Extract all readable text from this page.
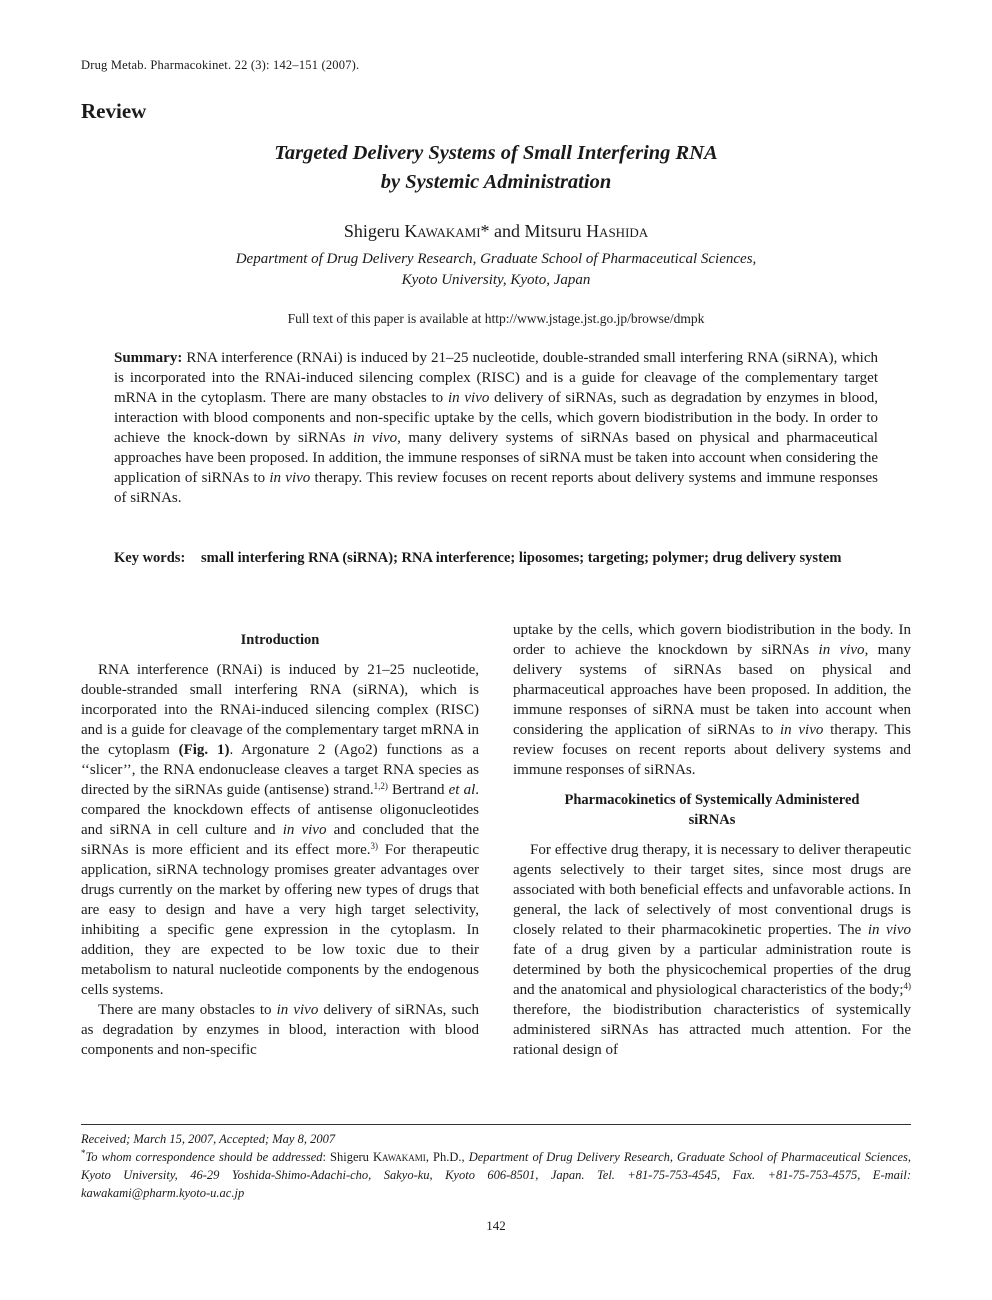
Drug Metab. Pharmacokinet. 22 (3): 142–151 (2007).
Review
Targeted Delivery Systems of Small Interfering RNA
by Systemic Administration
Shigeru Kawakami* and Mitsuru Hashida
Department of Drug Delivery Research, Graduate School of Pharmaceutical Sciences,
Kyoto University, Kyoto, Japan
Full text of this paper is available at http://www.jstage.jst.go.jp/browse/dmpk
Summary: RNA interference (RNAi) is induced by 21–25 nucleotide, double-stranded small interfering RNA (siRNA), which is incorporated into the RNAi-induced silencing complex (RISC) and is a guide for cleavage of the complementary target mRNA in the cytoplasm. There are many obstacles to in vivo delivery of siRNAs, such as degradation by enzymes in blood, interaction with blood components and non-specific uptake by the cells, which govern biodistribution in the body. In order to achieve the knock-down by siRNAs in vivo, many delivery systems of siRNAs based on physical and pharmaceutical approaches have been proposed. In addition, the immune responses of siRNA must be taken into account when considering the application of siRNAs to in vivo therapy. This review focuses on recent reports about delivery systems and immune responses of siRNAs.
Key words: small interfering RNA (siRNA); RNA interference; liposomes; targeting; polymer; drug delivery system
Introduction

RNA interference (RNAi) is induced by 21–25 nucleotide, double-stranded small interfering RNA (siRNA), which is incorporated into the RNAi-induced silencing complex (RISC) and is a guide for cleavage of the complementary target mRNA in the cytoplasm (Fig. 1). Argonature 2 (Ago2) functions as a ‘‘slicer’’, the RNA endonuclease cleaves a target RNA species as directed by the siRNAs guide (antisense) strand.$^{1,2)}$ Bertrand et al. compared the knockdown effects of antisense oligonucleotides and siRNA in cell culture and in vivo and concluded that the siRNAs is more efficient and its effect more.$^{3)}$ For therapeutic application, siRNA technology promises greater advantages over drugs currently on the market by offering new types of drugs that are easy to design and have a very high target selectivity, inhibiting a specific gene expression in the cytoplasm. In addition, they are expected to be low toxic due to their metabolism to natural nucleotide components by the endogenous cells systems.

There are many obstacles to in vivo delivery of siRNAs, such as degradation by enzymes in blood, interaction with blood components and non-specific

uptake by the cells, which govern biodistribution in the body. In order to achieve the knockdown by siRNAs in vivo, many delivery systems of siRNAs based on physical and pharmaceutical approaches have been proposed. In addition, the immune responses of siRNA must be taken into account when considering the application of siRNAs to in vivo therapy. This review focuses on recent reports about delivery systems and immune responses of siRNAs.

Pharmacokinetics of Systemically Administered
siRNAs

For effective drug therapy, it is necessary to deliver therapeutic agents selectively to their target sites, since most drugs are associated with both beneficial effects and unfavorable actions. In general, the lack of selectively of most conventional drugs is closely related to their pharmacokinetic properties. The in vivo fate of a drug given by a particular administration route is determined by both the physicochemical properties of the drug and the anatomical and physiological characteristics of the body;$^{4)}$ therefore, the biodistribution characteristics of systemically administered siRNAs has attracted much attention. For the rational design of

Received; March 15, 2007, Accepted; May 8, 2007
*To whom correspondence should be addressed: Shigeru Kawakami, Ph.D., Department of Drug Delivery Research, Graduate School of Pharmaceutical Sciences, Kyoto University, 46-29 Yoshida-Shimo-Adachi-cho, Sakyo-ku, Kyoto 606-8501, Japan. Tel. +81-75-753-4545, Fax. +81-75-753-4575, E-mail: kawakami@pharm.kyoto-u.ac.jp
142
